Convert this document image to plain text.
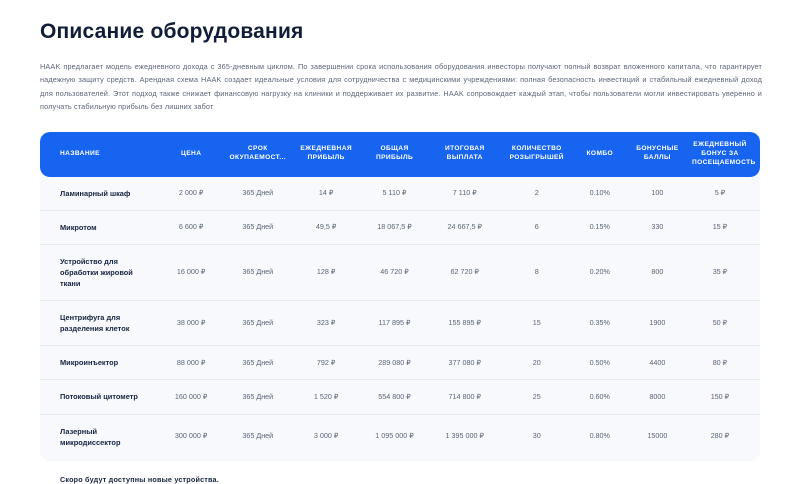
Описание оборудования

HAAK предлагает модель ежедневного дохода с 365-дневным циклом. По завершении срока использования оборудования инвесторы получают полный возврат вложенного капитала, что гарантирует надежную защиту средств. Арендная схема HAAK создает идеальные условия для сотрудничества с медицинскими учреждениями: полная безопасность инвестиций и стабильный ежедневный доход для пользователей. Этот подход также снижает финансовую нагрузку на клиники и поддерживает их развитие. HAAK сопровождает каждый этап, чтобы пользователи могли инвестировать уверенно и получать стабильную прибыль без лишних забот

НАЗВАНИЕ	ЦЕНА	СРОК ОКУПАЕМОСТ...	ЕЖЕДНЕВНАЯ ПРИБЫЛЬ	ОБЩАЯ ПРИБЫЛЬ	ИТОГОВАЯ ВЫПЛАТА	КОЛИЧЕСТВО РОЗЫГРЫШЕЙ	КОМБО	БОНУСНЫЕ БАЛЛЫ	ЕЖЕДНЕВНЫЙ БОНУС ЗА ПОСЕЩАЕМОСТЬ
Ламинарный шкаф	2 000 ₽	365 Дней	14 ₽	5 110 ₽	7 110 ₽	2	0.10%	100	5 ₽
Микротом	6 600 ₽	365 Дней	49,5 ₽	18 067,5 ₽	24 667,5 ₽	6	0.15%	330	15 ₽
Устройство для обработки жировой ткани	16 000 ₽	365 Дней	128 ₽	46 720 ₽	62 720 ₽	8	0.20%	800	35 ₽
Центрифуга для разделения клеток	38 000 ₽	365 Дней	323 ₽	117 895 ₽	155 895 ₽	15	0.35%	1900	50 ₽
Микроинъектор	88 000 ₽	365 Дней	792 ₽	289 080 ₽	377 080 ₽	20	0.50%	4400	80 ₽
Потоковый цитометр	160 000 ₽	365 Дней	1 520 ₽	554 800 ₽	714 800 ₽	25	0.60%	8000	150 ₽
Лазерный микродиссектор	300 000 ₽	365 Дней	3 000 ₽	1 095 000 ₽	1 395 000 ₽	30	0.80%	15000	280 ₽
Скоро будут доступны новые устройства.
